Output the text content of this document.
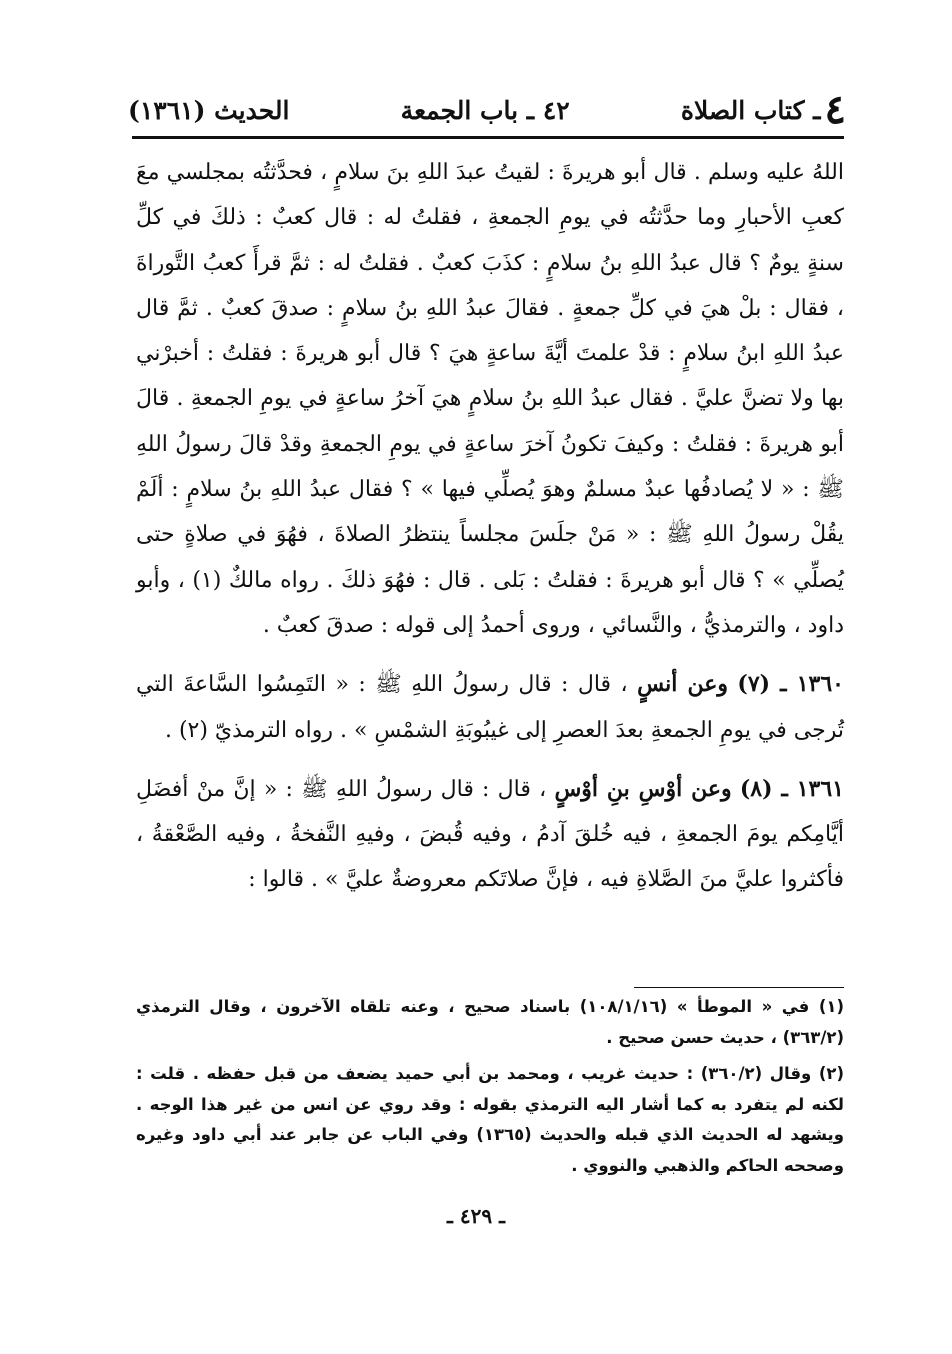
٤
ـ كتاب الصلاة
٤٢ ـ باب الجمعة
الحديث (١٣٦١)

اللهُ عليه وسلم . قال أبو هريرةَ : لقيتُ عبدَ اللهِ بنَ سلامٍ ، فحدَّثتُه بمجلسي معَ كعبِ الأحبارِ وما حدَّثتُه في يومِ الجمعةِ ، فقلتُ له : قال كعبٌ : ذلكَ في كلِّ سنةٍ يومٌ ؟ قال عبدُ اللهِ بنُ سلامٍ : كذَبَ كعبٌ . فقلتُ له : ثمَّ قرأَ كعبُ التَّوراةَ ، فقال : بلْ هيَ في كلِّ جمعةٍ . فقالَ عبدُ اللهِ بنُ سلامٍ : صدقَ كعبٌ . ثمَّ قال عبدُ اللهِ ابنُ سلامٍ : قدْ علمتَ أيَّةَ ساعةٍ هيَ ؟ قال أبو هريرةَ : فقلتُ : أخبرْني بها ولا تضنَّ عليَّ . فقال عبدُ اللهِ بنُ سلامٍ هيَ آخرُ ساعةٍ في يومِ الجمعةِ . قالَ أبو هريرةَ : فقلتُ : وكيفَ تكونُ آخرَ ساعةٍ في يومِ الجمعةِ وقدْ قالَ رسولُ اللهِ ﷺ : « لا يُصادفُها عبدٌ مسلمٌ وهوَ يُصلِّي فيها » ؟ فقال عبدُ اللهِ بنُ سلامٍ : ألَمْ يقُلْ رسولُ اللهِ ﷺ : « مَنْ جلَسَ مجلساً ينتظرُ الصلاةَ ، فهُوَ في صلاةٍ حتى يُصلِّي » ؟ قال أبو هريرةَ : فقلتُ : بَلى . قال : فهُوَ ذلكَ . رواه مالكٌ (١) ، وأبو داود ، والترمذيُّ ، والنَّسائي ، وروى أحمدُ إلى قوله : صدقَ كعبٌ .

١٣٦٠ ـ (٧) وعن أنسٍ ، قال : قال رسولُ اللهِ ﷺ : « التَمِسُوا السَّاعةَ التي تُرجى في يومِ الجمعةِ بعدَ العصرِ إلى غيبُوبَةِ الشمْسِ » . رواه الترمذيّ (٢) .

١٣٦١ ـ (٨) وعن أوْسِ بنِ أوْسٍ ، قال : قال رسولُ اللهِ ﷺ : « إنَّ منْ أفضَلِ أيَّامِكم يومَ الجمعةِ ، فيه خُلقَ آدمُ ، وفيه قُبضَ ، وفيهِ النَّفخةُ ، وفيه الصَّعْقةُ ، فأكثروا عليَّ منَ الصَّلاةِ فيه ، فإنَّ صلاتَكم معروضةٌ عليَّ » . قالوا :

(١) في « الموطأ » (١٠٨/١/١٦) باسناد صحيح ، وعنه تلقاه الآخرون ، وقال الترمذي (٣٦٣/٢) ، حديث حسن صحيح .

(٢) وقال (٣٦٠/٢) : حديث غريب ، ومحمد بن أبي حميد يضعف من قبل حفظه . قلت : لكنه لم يتفرد به كما أشار اليه الترمذي بقوله : وقد روي عن انس من غير هذا الوجه . ويشهد له الحديث الذي قبله والحديث (١٣٦٥) وفي الباب عن جابر عند أبي داود وغيره وصححه الحاكم والذهبي والنووي .

ـ ٤٢٩ ـ
